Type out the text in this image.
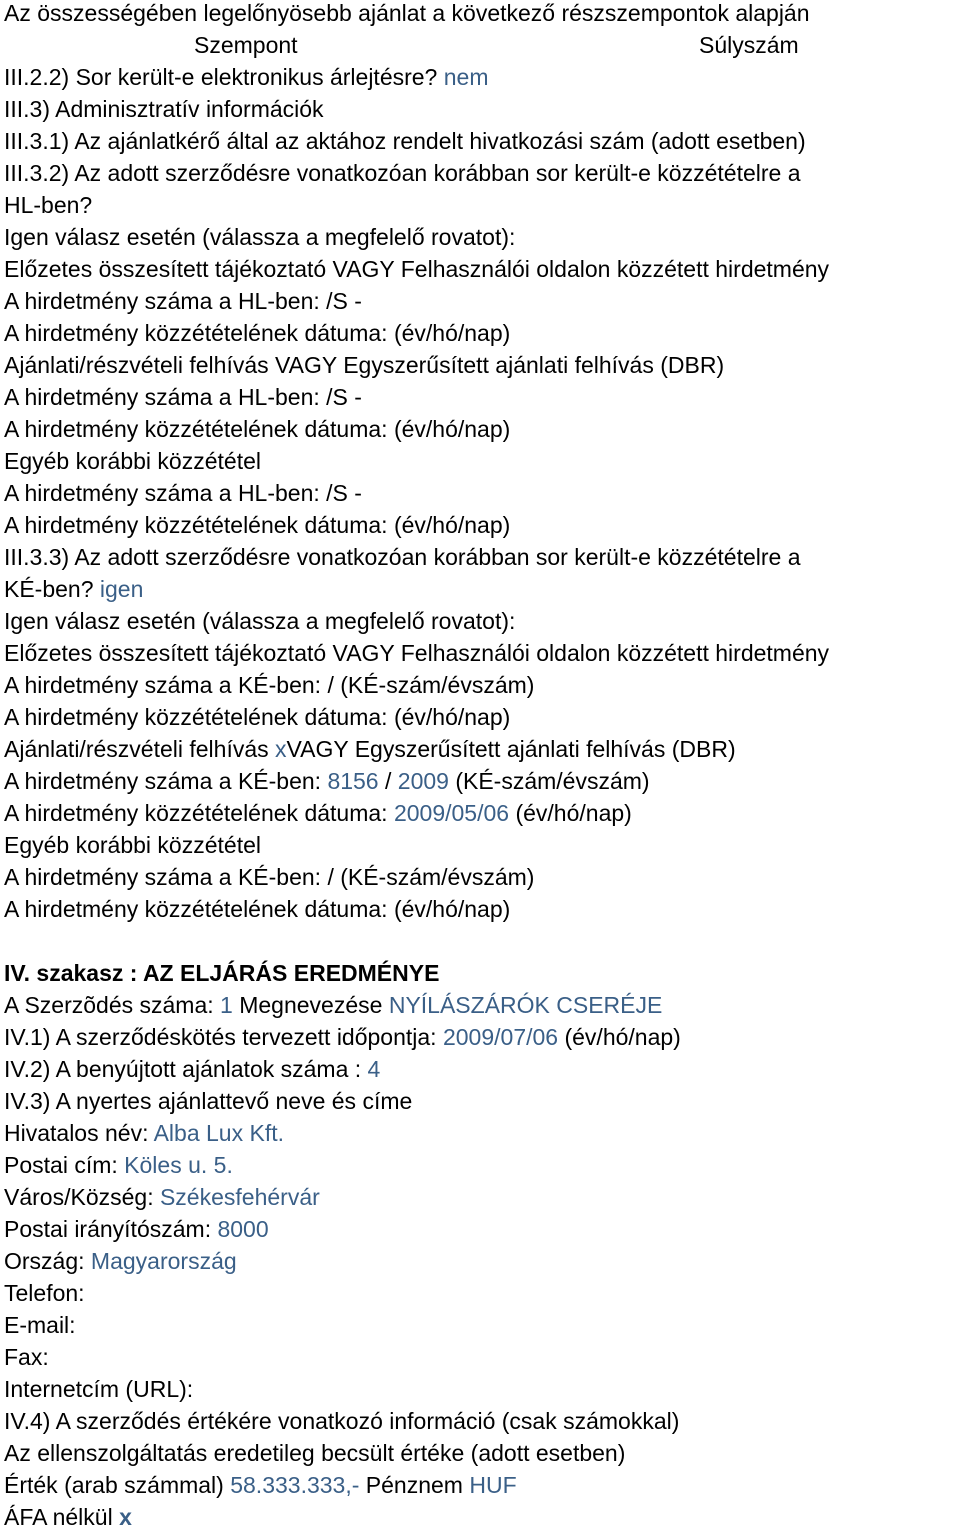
Az összességében legelőnyösebb ajánlat a következő részszempontok alapján
Szempont	Súlyszám
III.2.2) Sor került-e elektronikus árlejtésre? nem
III.3) Adminisztratív információk
III.3.1) Az ajánlatkérő által az aktához rendelt hivatkozási szám (adott esetben)
III.3.2) Az adott szerződésre vonatkozóan korábban sor került-e közzétételre a
HL-ben?
Igen válasz esetén (válassza a megfelelő rovatot):
Előzetes összesített tájékoztató VAGY Felhasználói oldalon közzétett hirdetmény
A hirdetmény száma a HL-ben: /S -
A hirdetmény közzétételének dátuma: (év/hó/nap)
Ajánlati/részvételi felhívás VAGY Egyszerűsített ajánlati felhívás (DBR)
A hirdetmény száma a HL-ben: /S -
A hirdetmény közzétételének dátuma: (év/hó/nap)
Egyéb korábbi közzététel
A hirdetmény száma a HL-ben: /S -
A hirdetmény közzétételének dátuma: (év/hó/nap)
III.3.3) Az adott szerződésre vonatkozóan korábban sor került-e közzétételre a
KÉ-ben? igen
Igen válasz esetén (válassza a megfelelő rovatot):
Előzetes összesített tájékoztató VAGY Felhasználói oldalon közzétett hirdetmény
A hirdetmény száma a KÉ-ben: / (KÉ-szám/évszám)
A hirdetmény közzétételének dátuma: (év/hó/nap)
Ajánlati/részvételi felhívás xVAGY Egyszerűsített ajánlati felhívás (DBR)
A hirdetmény száma a KÉ-ben: 8156 / 2009 (KÉ-szám/évszám)
A hirdetmény közzétételének dátuma: 2009/05/06 (év/hó/nap)
Egyéb korábbi közzététel
A hirdetmény száma a KÉ-ben: / (KÉ-szám/évszám)
A hirdetmény közzétételének dátuma: (év/hó/nap)
IV. szakasz : AZ ELJÁRÁS EREDMÉNYE
A Szerzõdés száma: 1 Megnevezése NYÍLÁSZÁRÓK CSERÉJE
IV.1) A szerződéskötés tervezett időpontja: 2009/07/06 (év/hó/nap)
IV.2) A benyújtott ajánlatok száma : 4
IV.3) A nyertes ajánlattevő neve és címe
Hivatalos név: Alba Lux Kft.
Postai cím: Köles u. 5.
Város/Község: Székesfehérvár
Postai irányítószám: 8000
Ország: Magyarország
Telefon:
E-mail:
Fax:
Internetcím (URL):
IV.4) A szerződés értékére vonatkozó információ (csak számokkal)
Az ellenszolgáltatás eredetileg becsült értéke (adott esetben)
Érték (arab számmal) 58.333.333,- Pénznem HUF
ÁFA nélkül x
